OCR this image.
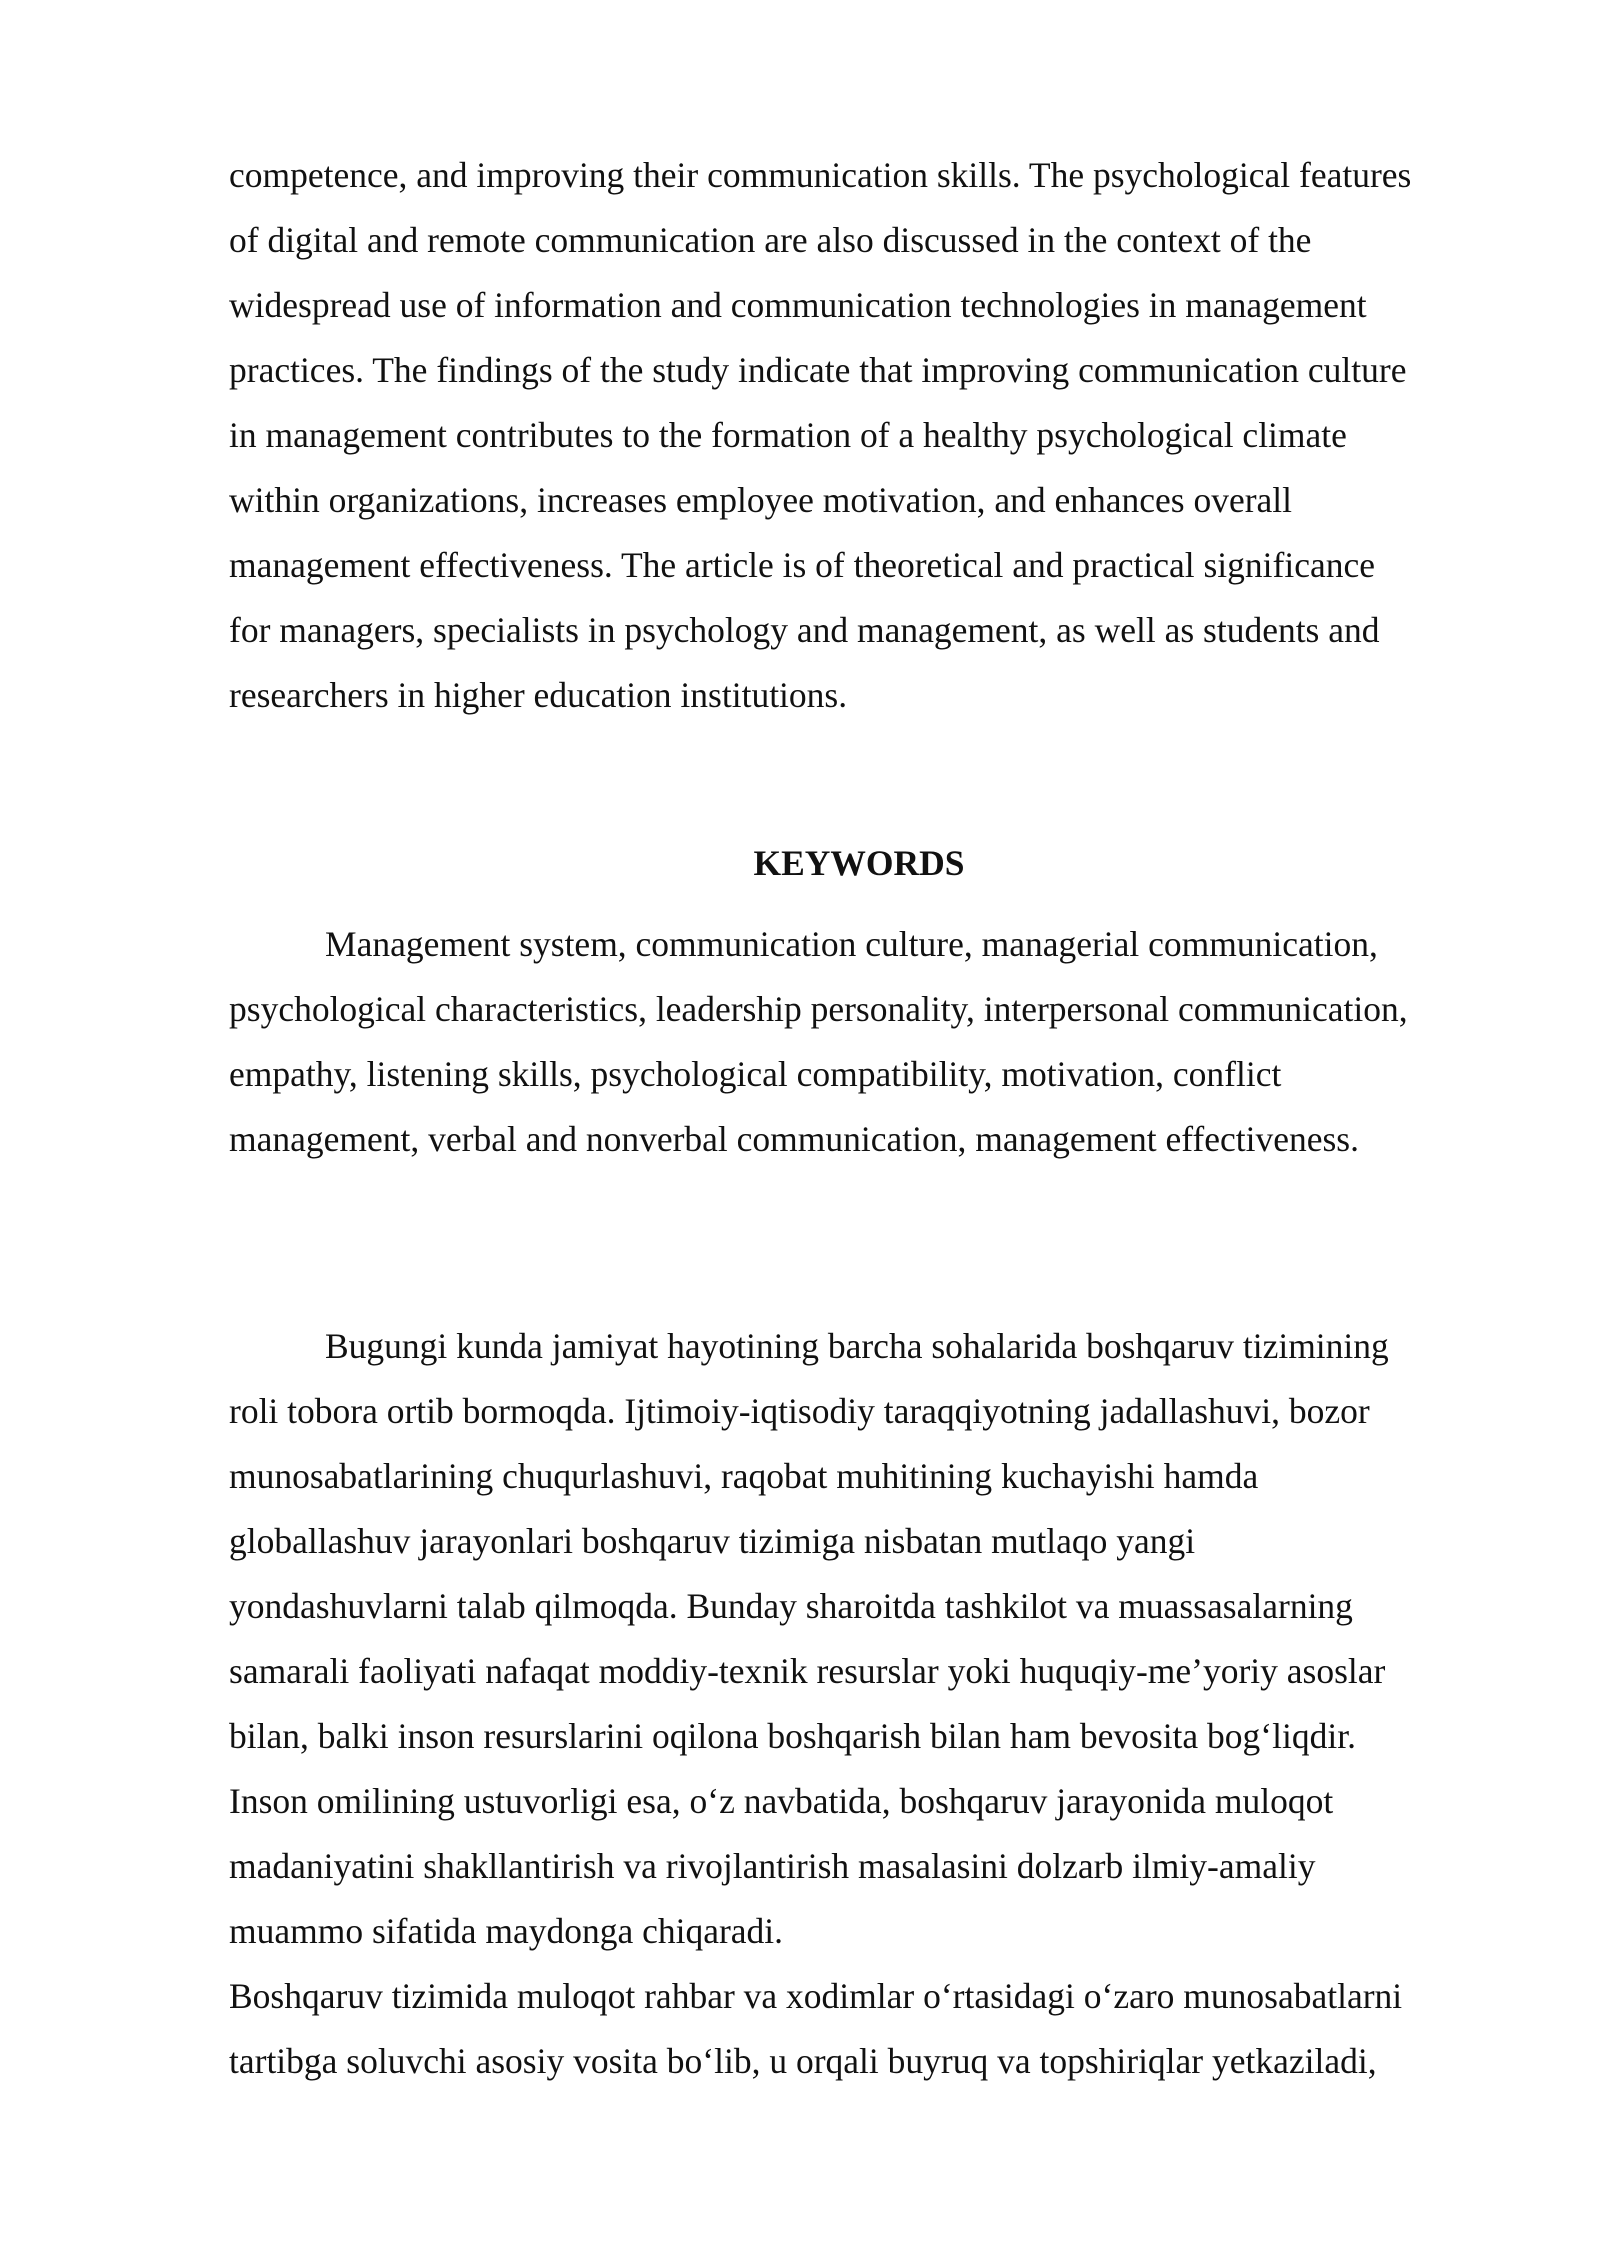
competence, and improving their communication skills. The psychological features
of digital and remote communication are also discussed in the context of the
widespread use of information and communication technologies in management
practices. The findings of the study indicate that improving communication culture
in management contributes to the formation of a healthy psychological climate
within organizations, increases employee motivation, and enhances overall
management effectiveness. The article is of theoretical and practical significance
for managers, specialists in psychology and management, as well as students and
researchers in higher education institutions.
KEYWORDS
Management system, communication culture, managerial communication,
psychological characteristics, leadership personality, interpersonal communication,
empathy, listening skills, psychological compatibility, motivation, conflict
management, verbal and nonverbal communication, management effectiveness.
Bugungi kunda jamiyat hayotining barcha sohalarida boshqaruv tizimining
roli tobora ortib bormoqda. Ijtimoiy-iqtisodiy taraqqiyotning jadallashuvi, bozor
munosabatlarining chuqurlashuvi, raqobat muhitining kuchayishi hamda
globallashuv jarayonlari boshqaruv tizimiga nisbatan mutlaqo yangi
yondashuvlarni talab qilmoqda. Bunday sharoitda tashkilot va muassasalarning
samarali faoliyati nafaqat moddiy-texnik resurslar yoki huquqiy-me’yoriy asoslar
bilan, balki inson resurslarini oqilona boshqarish bilan ham bevosita bog‘liqdir.
Inson omilining ustuvorligi esa, o‘z navbatida, boshqaruv jarayonida muloqot
madaniyatini shakllantirish va rivojlantirish masalasini dolzarb ilmiy-amaliy
muammo sifatida maydonga chiqaradi.
Boshqaruv tizimida muloqot rahbar va xodimlar o‘rtasidagi o‘zaro munosabatlarni
tartibga soluvchi asosiy vosita bo‘lib, u orqali buyruq va topshiriqlar yetkaziladi,
